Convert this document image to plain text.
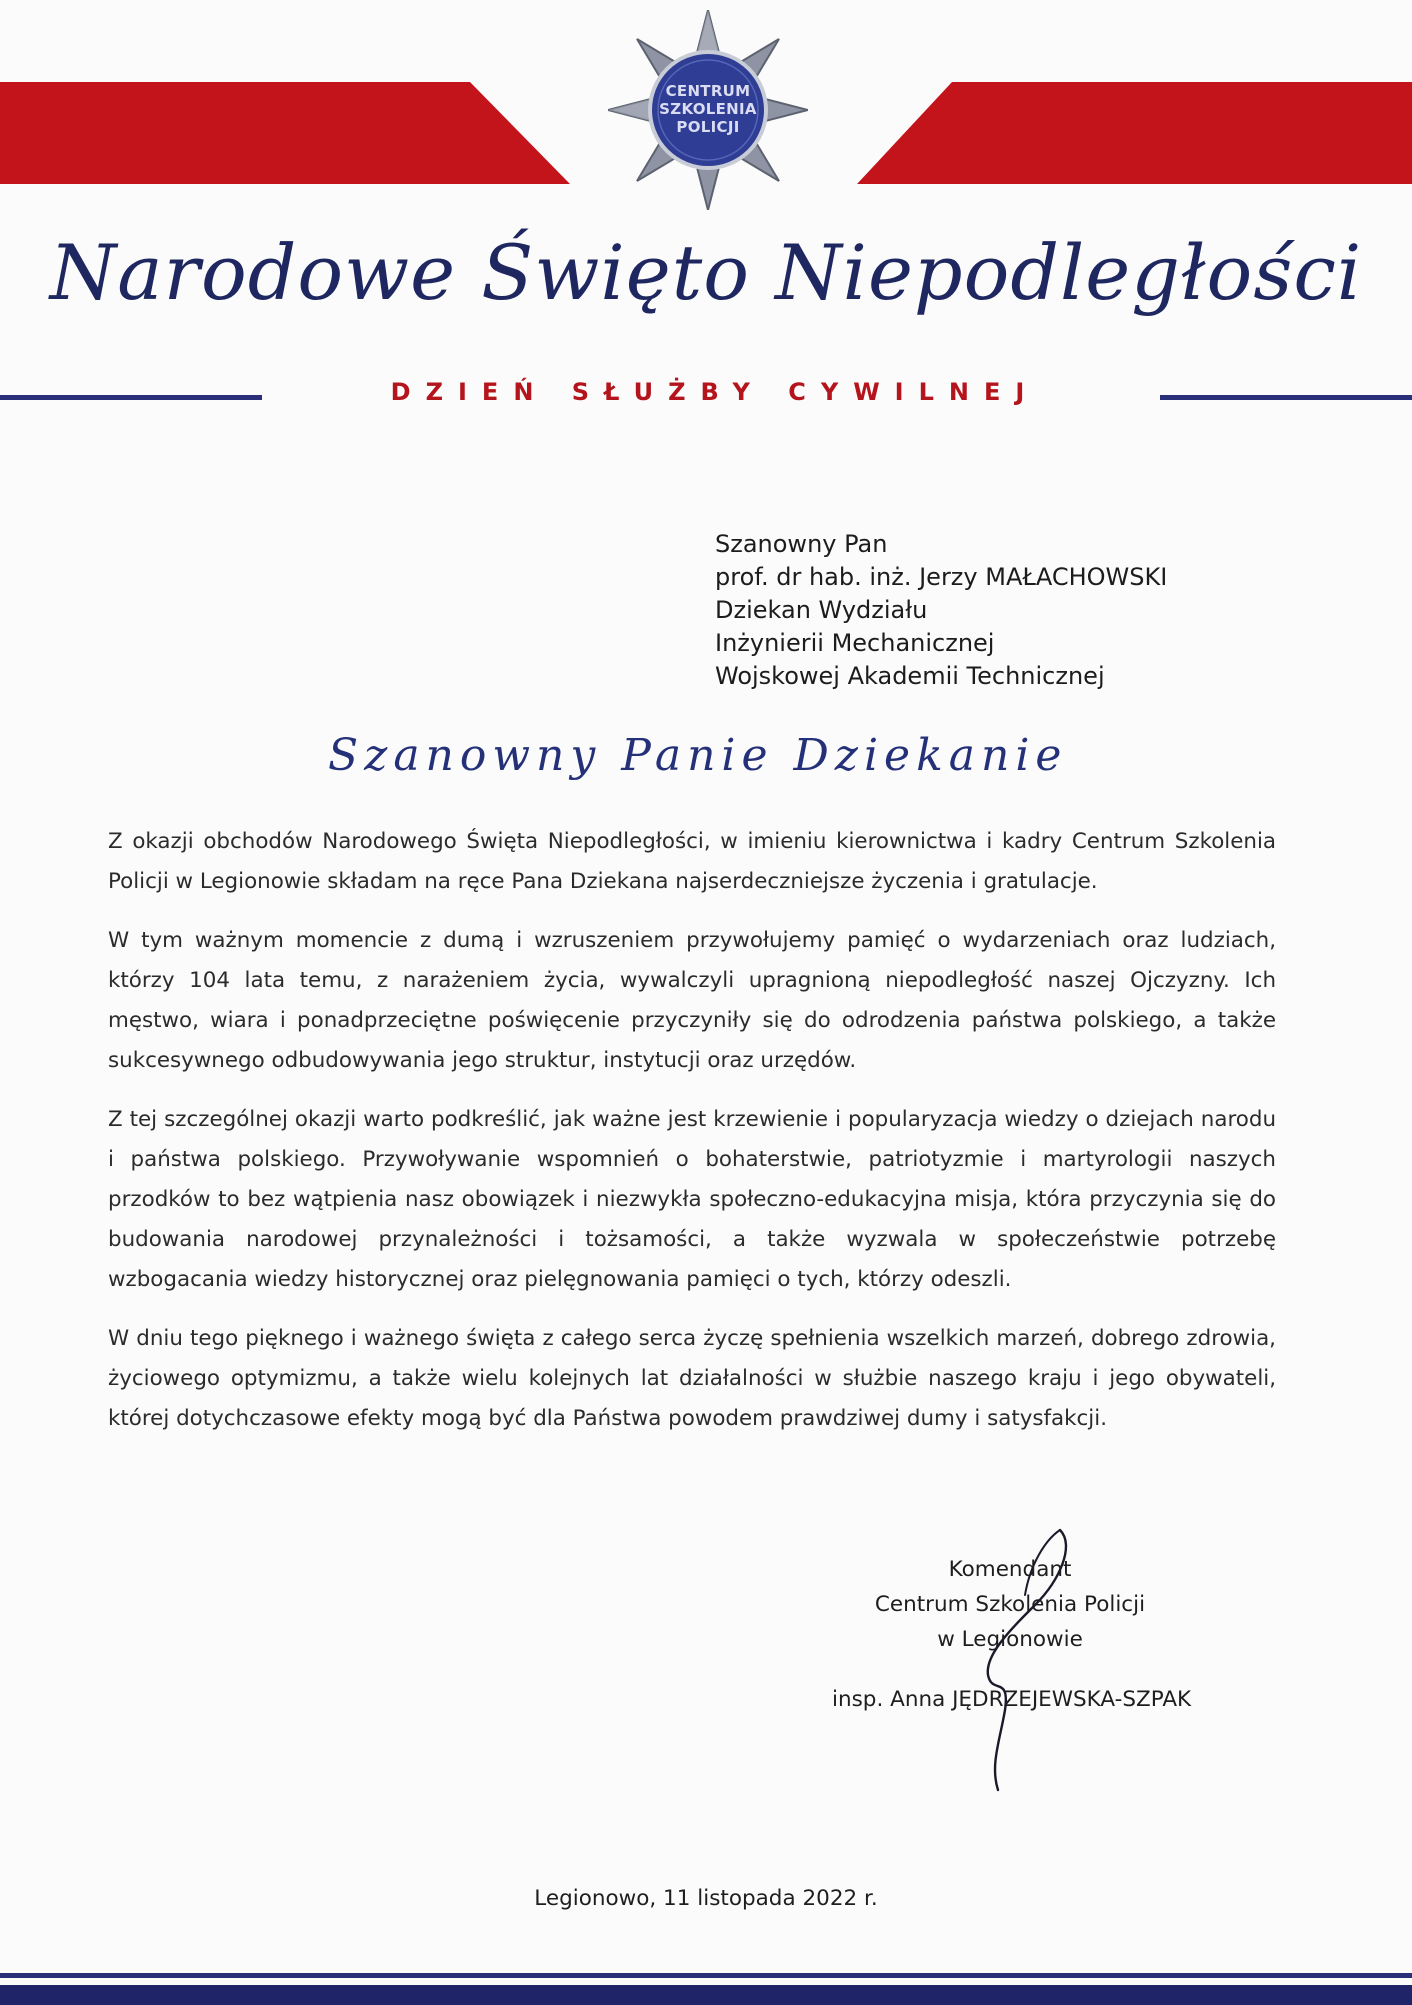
CENTRUM
SZKOLENIA
POLICJI
Narodowe Święto Niepodległości
DZIEŃ SŁUŻBY CYWILNEJ
Szanowny Pan
prof. dr hab. inż. Jerzy MAŁACHOWSKI
Dziekan Wydziału
Inżynierii Mechanicznej
Wojskowej Akademii Technicznej
Szanowny Panie Dziekanie

Z okazji obchodów Narodowego Święta Niepodległości, w imieniu kierownictwa i kadry Centrum Szkolenia Policji w Legionowie składam na ręce Pana Dziekana najserdeczniejsze życzenia i gratulacje.

W tym ważnym momencie z dumą i wzruszeniem przywołujemy pamięć o wydarzeniach oraz ludziach, którzy 104 lata temu, z narażeniem życia, wywalczyli upragnioną niepodległość naszej Ojczyzny. Ich męstwo, wiara i ponadprzeciętne poświęcenie przyczyniły się do odrodzenia państwa polskiego, a także sukcesywnego odbudowywania jego struktur, instytucji oraz urzędów.

Z tej szczególnej okazji warto podkreślić, jak ważne jest krzewienie i popularyzacja wiedzy o dziejach narodu i państwa polskiego. Przywoływanie wspomnień o bohaterstwie, patriotyzmie i martyrologii naszych przodków to bez wątpienia nasz obowiązek i niezwykła społeczno-edukacyjna misja, która przyczynia się do budowania narodowej przynależności i tożsamości, a także wyzwala w społeczeństwie potrzebę wzbogacania wiedzy historycznej oraz pielęgnowania pamięci o tych, którzy odeszli.

W dniu tego pięknego i ważnego święta z całego serca życzę spełnienia wszelkich marzeń, dobrego zdrowia, życiowego optymizmu, a także wielu kolejnych lat działalności w służbie naszego kraju i jego obywateli, której dotychczasowe efekty mogą być dla Państwa powodem prawdziwej dumy i satysfakcji.

Komendant
Centrum Szkolenia Policji
w Legionowie
insp. Anna JĘDRZEJEWSKA-SZPAK
Legionowo, 11 listopada 2022 r.
